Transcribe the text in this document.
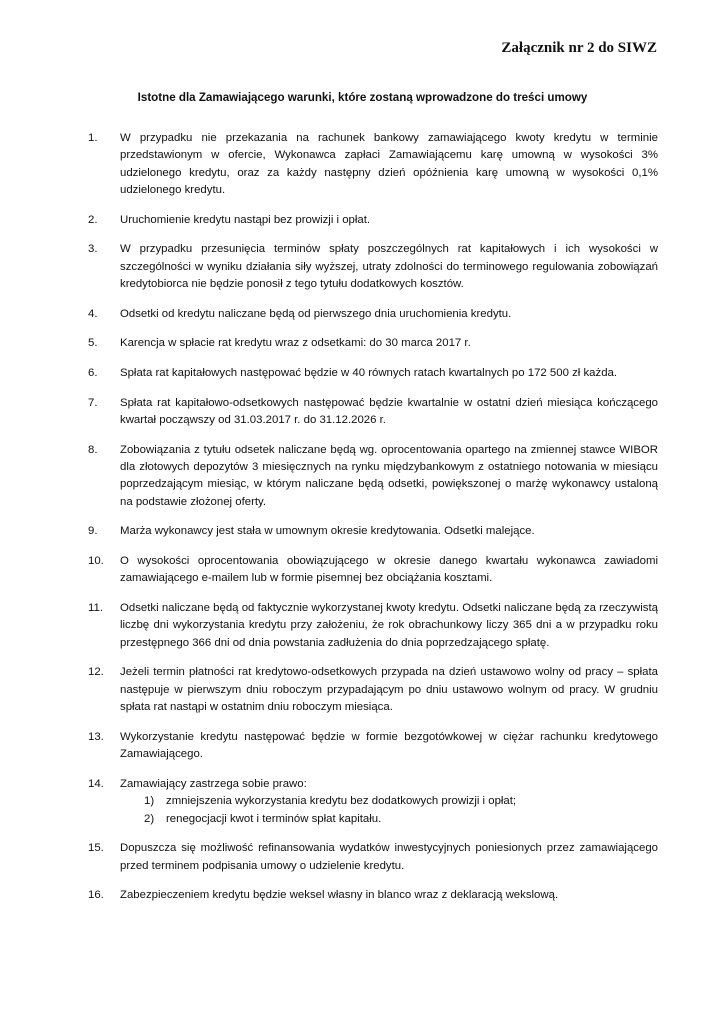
Załącznik nr 2 do SIWZ
Istotne dla Zamawiającego warunki, które zostaną wprowadzone do treści umowy
1.	W przypadku nie przekazania na rachunek bankowy zamawiającego kwoty kredytu w terminie przedstawionym w ofercie, Wykonawca zapłaci Zamawiającemu karę umowną w wysokości 3% udzielonego kredytu, oraz za każdy następny dzień opóźnienia karę umowną w wysokości 0,1% udzielonego kredytu.
2.	Uruchomienie kredytu nastąpi bez prowizji i opłat.
3.	W przypadku przesunięcia terminów spłaty poszczególnych rat kapitałowych i ich wysokości w szczególności w wyniku działania siły wyższej, utraty zdolności do terminowego regulowania zobowiązań kredytobiorca nie będzie ponosił z tego tytułu dodatkowych kosztów.
4.	Odsetki od kredytu naliczane będą od pierwszego dnia uruchomienia kredytu.
5.	Karencja w spłacie rat kredytu wraz z odsetkami: do 30 marca 2017 r.
6.	Spłata rat kapitałowych następować będzie w 40 równych ratach kwartalnych po 172 500 zł każda.
7.	Spłata rat kapitałowo-odsetkowych następować będzie kwartalnie w ostatni dzień miesiąca kończącego kwartał począwszy od 31.03.2017 r. do 31.12.2026 r.
8.	Zobowiązania z tytułu odsetek naliczane będą wg. oprocentowania opartego na zmiennej stawce WIBOR dla złotowych depozytów 3 miesięcznych na rynku międzybankowym z ostatniego notowania w miesiącu poprzedzającym miesiąc, w którym naliczane będą odsetki, powiększonej o marżę wykonawcy ustaloną na podstawie złożonej oferty.
9.	Marża wykonawcy jest stała w umownym okresie kredytowania. Odsetki malejące.
10.	O wysokości oprocentowania obowiązującego w okresie danego kwartału wykonawca zawiadomi zamawiającego e-mailem lub w formie pisemnej bez obciążania kosztami.
11.	Odsetki naliczane będą od faktycznie wykorzystanej kwoty kredytu. Odsetki naliczane będą za rzeczywistą liczbę dni wykorzystania kredytu przy założeniu, że rok obrachunkowy liczy 365 dni a w przypadku roku przestępnego 366 dni od dnia powstania zadłużenia do dnia poprzedzającego spłatę.
12.	Jeżeli termin płatności rat kredytowo-odsetkowych przypada na dzień ustawowo wolny od pracy – spłata następuje w pierwszym dniu roboczym przypadającym po dniu ustawowo wolnym od pracy. W grudniu spłata rat nastąpi w ostatnim dniu roboczym miesiąca.
13.	Wykorzystanie kredytu następować będzie w formie bezgotówkowej w ciężar rachunku kredytowego Zamawiającego.
14.	Zamawiający zastrzega sobie prawo:
1)	zmniejszenia wykorzystania kredytu bez dodatkowych prowizji i opłat;
2)	renegocjacji kwot i terminów spłat kapitału.
15.	Dopuszcza się możliwość refinansowania wydatków inwestycyjnych poniesionych przez zamawiającego przed terminem podpisania umowy o udzielenie kredytu.
16.	Zabezpieczeniem kredytu będzie weksel własny in blanco wraz z deklaracją wekslową.
